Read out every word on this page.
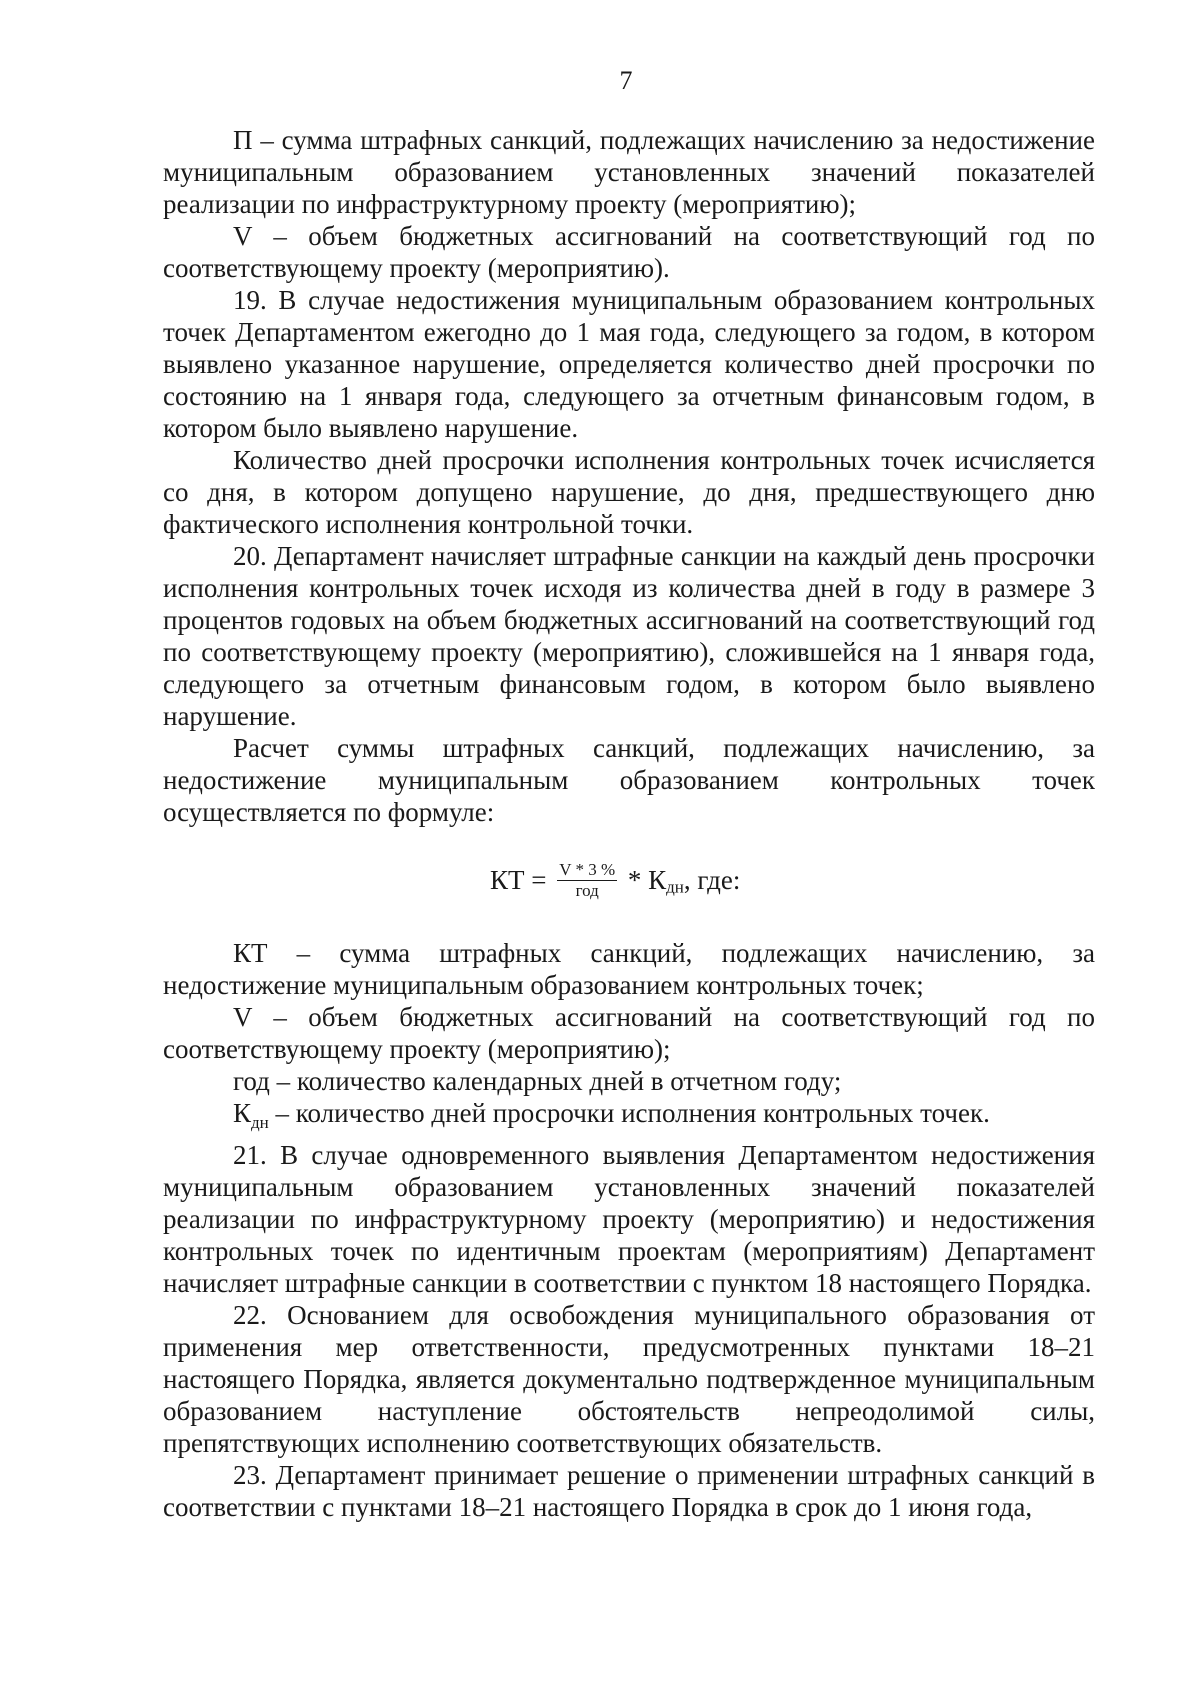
7

П – сумма штрафных санкций, подлежащих начислению за недостижение муниципальным образованием установленных значений показателей реализации по инфраструктурному проекту (мероприятию);

V – объем бюджетных ассигнований на соответствующий год по соответствующему проекту (мероприятию).

19. В случае недостижения муниципальным образованием контрольных точек Департаментом ежегодно до 1 мая года, следующего за годом, в котором выявлено указанное нарушение, определяется количество дней просрочки по состоянию на 1 января года, следующего за отчетным финансовым годом, в котором было выявлено нарушение.

Количество дней просрочки исполнения контрольных точек исчисляется со дня, в котором допущено нарушение, до дня, предшествующего дню фактического исполнения контрольной точки.

20. Департамент начисляет штрафные санкции на каждый день просрочки исполнения контрольных точек исходя из количества дней в году в размере 3 процентов годовых на объем бюджетных ассигнований на соответствующий год по соответствующему проекту (мероприятию), сложившейся на 1 января года, следующего за отчетным финансовым годом, в котором было выявлено нарушение.

Расчет суммы штрафных санкций, подлежащих начислению, за недостижение муниципальным образованием контрольных точек осуществляется по формуле:

КТ = $\frac{V * 3 \%}{\text{год}} * К_{дн}$, где:

КТ – сумма штрафных санкций, подлежащих начислению, за недостижение муниципальным образованием контрольных точек;

V – объем бюджетных ассигнований на соответствующий год по соответствующему проекту (мероприятию);

год – количество календарных дней в отчетном году;

$К_{дн}$ – количество дней просрочки исполнения контрольных точек.

21. В случае одновременного выявления Департаментом недостижения муниципальным образованием установленных значений показателей реализации по инфраструктурному проекту (мероприятию) и недостижения контрольных точек по идентичным проектам (мероприятиям) Департамент начисляет штрафные санкции в соответствии с пунктом 18 настоящего Порядка.

22. Основанием для освобождения муниципального образования от применения мер ответственности, предусмотренных пунктами 18–21 настоящего Порядка, является документально подтвержденное муниципальным образованием наступление обстоятельств непреодолимой силы, препятствующих исполнению соответствующих обязательств.

23. Департамент принимает решение о применении штрафных санкций в соответствии с пунктами 18–21 настоящего Порядка в срок до 1 июня года,
